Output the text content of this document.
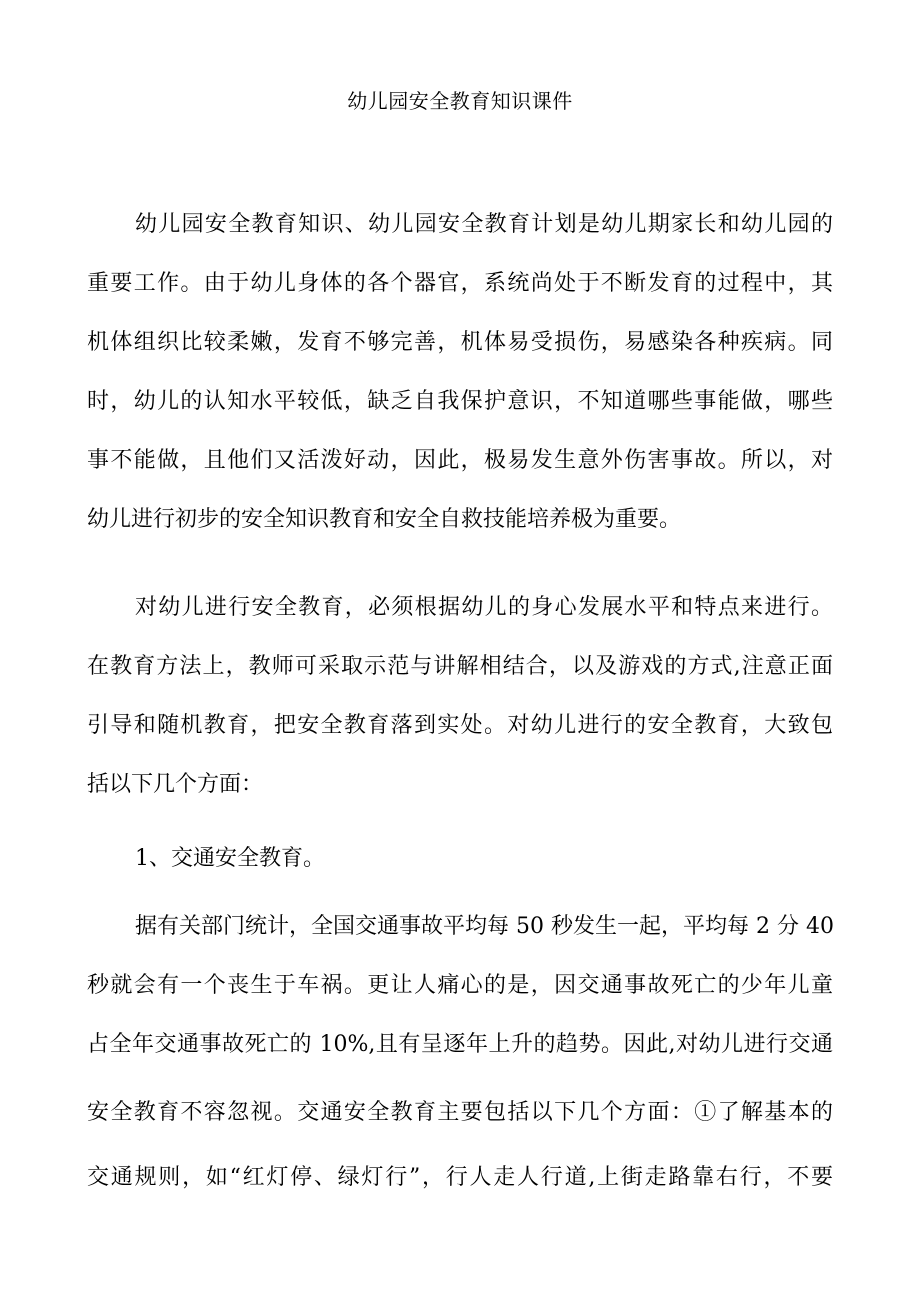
幼儿园安全教育知识课件
幼儿园安全教育知识、幼儿园安全教育计划是幼儿期家长和幼儿园的
重要工作。由于幼儿身体的各个器官，系统尚处于不断发育的过程中，其
机体组织比较柔嫩，发育不够完善，机体易受损伤，易感染各种疾病。同
时，幼儿的认知水平较低，缺乏自我保护意识，不知道哪些事能做，哪些
事不能做，且他们又活泼好动，因此，极易发生意外伤害事故。所以，对
幼儿进行初步的安全知识教育和安全自救技能培养极为重要。
对幼儿进行安全教育，必须根据幼儿的身心发展水平和特点来进行。
在教育方法上，教师可采取示范与讲解相结合，以及游戏的方式,注意正面
引导和随机教育，把安全教育落到实处。对幼儿进行的安全教育，大致包
括以下几个方面：
1、交通安全教育。
据有关部门统计，全国交通事故平均每 50 秒发生一起，平均每 2 分 40
秒就会有一个丧生于车祸。更让人痛心的是，因交通事故死亡的少年儿童
占全年交通事故死亡的 10%,且有呈逐年上升的趋势。因此,对幼儿进行交通
安全教育不容忽视。交通安全教育主要包括以下几个方面：①了解基本的
交通规则，如“红灯停、绿灯行”，行人走人行道,上街走路靠右行，不要
